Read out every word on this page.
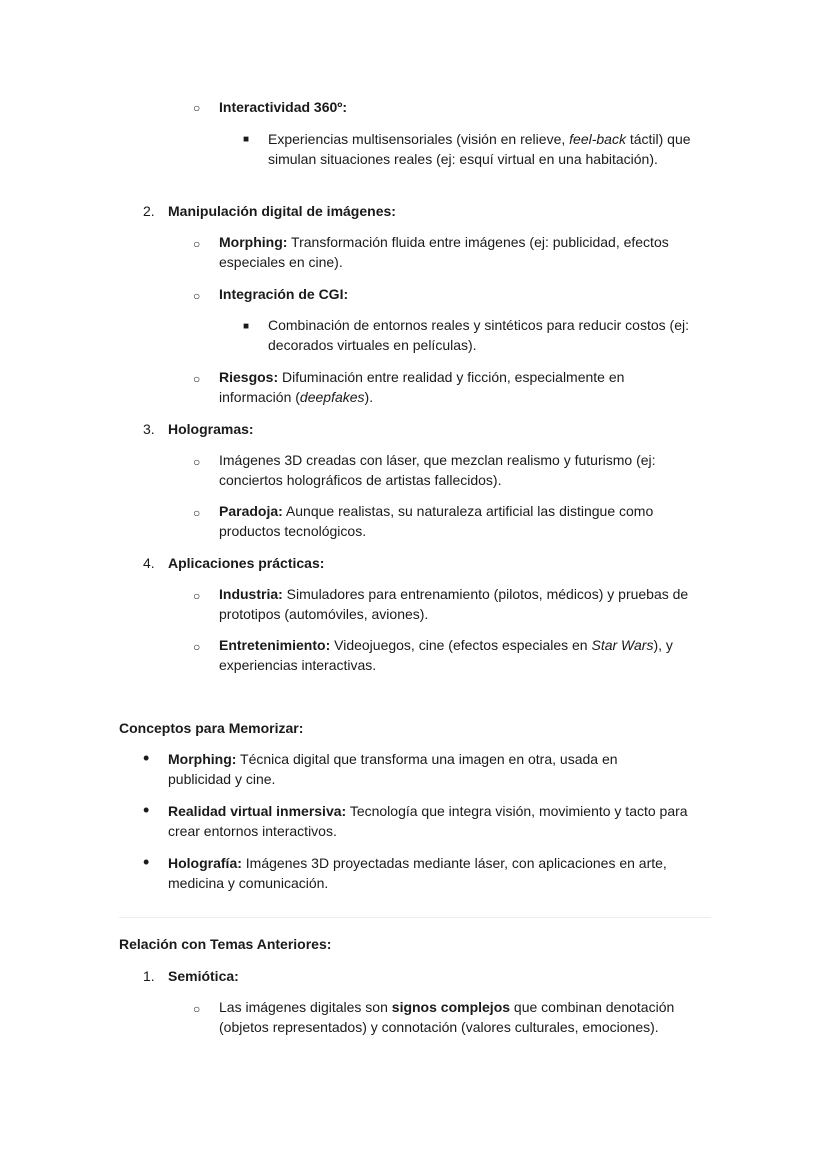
○ Interactividad 360º:
■ Experiencias multisensoriales (visión en relieve, feel-back táctil) que simulan situaciones reales (ej: esquí virtual en una habitación).
2. Manipulación digital de imágenes:
○ Morphing: Transformación fluida entre imágenes (ej: publicidad, efectos especiales en cine).
○ Integración de CGI:
■ Combinación de entornos reales y sintéticos para reducir costos (ej: decorados virtuales en películas).
○ Riesgos: Difuminación entre realidad y ficción, especialmente en información (deepfakes).
3. Hologramas:
○ Imágenes 3D creadas con láser, que mezclan realismo y futurismo (ej: conciertos holográficos de artistas fallecidos).
○ Paradoja: Aunque realistas, su naturaleza artificial las distingue como productos tecnológicos.
4. Aplicaciones prácticas:
○ Industria: Simuladores para entrenamiento (pilotos, médicos) y pruebas de prototipos (automóviles, aviones).
○ Entretenimiento: Videojuegos, cine (efectos especiales en Star Wars), y experiencias interactivas.
Conceptos para Memorizar:
• Morphing: Técnica digital que transforma una imagen en otra, usada en publicidad y cine.
• Realidad virtual inmersiva: Tecnología que integra visión, movimiento y tacto para crear entornos interactivos.
• Holografía: Imágenes 3D proyectadas mediante láser, con aplicaciones en arte, medicina y comunicación.
Relación con Temas Anteriores:
1. Semiótica:
○ Las imágenes digitales son signos complejos que combinan denotación (objetos representados) y connotación (valores culturales, emociones).
